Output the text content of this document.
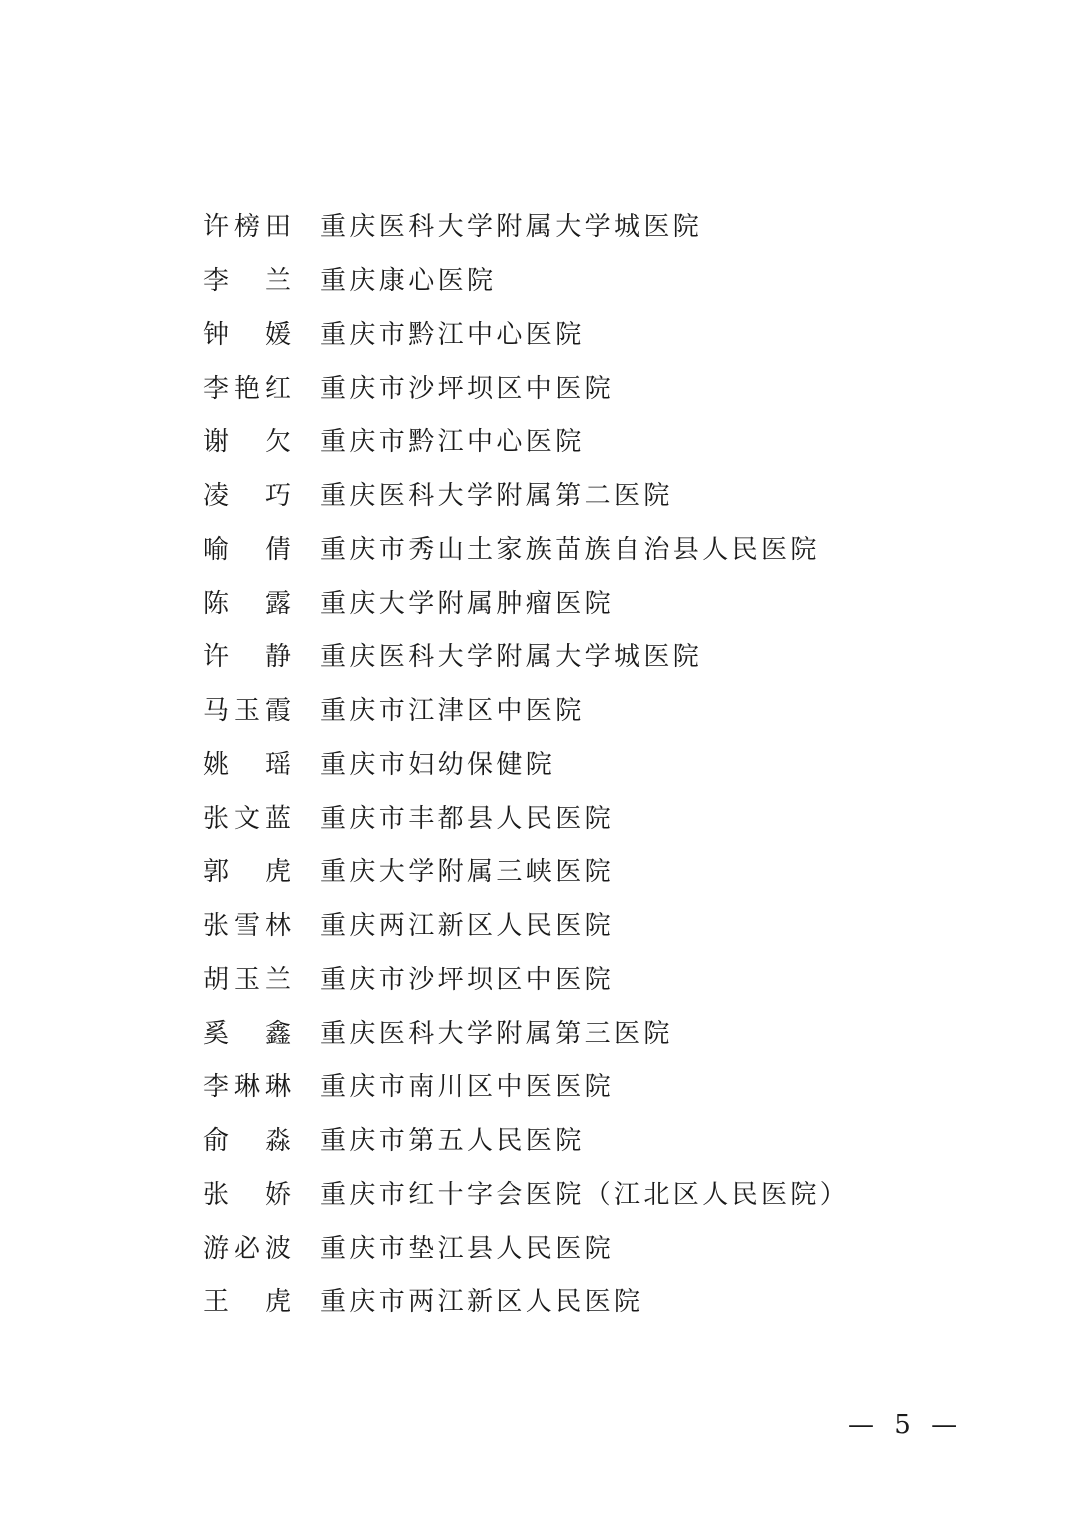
许 榜 田 重庆医科大学附属大学城医院
李 兰 重庆康心医院
钟 媛 重庆市黔江中心医院
李 艳 红 重庆市沙坪坝区中医院
谢 欠 重庆市黔江中心医院
凌 巧 重庆医科大学附属第二医院
喻 倩 重庆市秀山土家族苗族自治县人民医院
陈 露 重庆大学附属肿瘤医院
许 静 重庆医科大学附属大学城医院
马 玉 霞 重庆市江津区中医院
姚 瑶 重庆市妇幼保健院
张 文 蓝 重庆市丰都县人民医院
郭 虎 重庆大学附属三峡医院
张 雪 林 重庆两江新区人民医院
胡 玉 兰 重庆市沙坪坝区中医院
奚 鑫 重庆医科大学附属第三医院
李 琳 琳 重庆市南川区中医医院
俞 淼 重庆市第五人民医院
张 娇 重庆市红十字会医院（江北区人民医院）
游 必 波 重庆市垫江县人民医院
王 虎 重庆市两江新区人民医院
— 5 —
